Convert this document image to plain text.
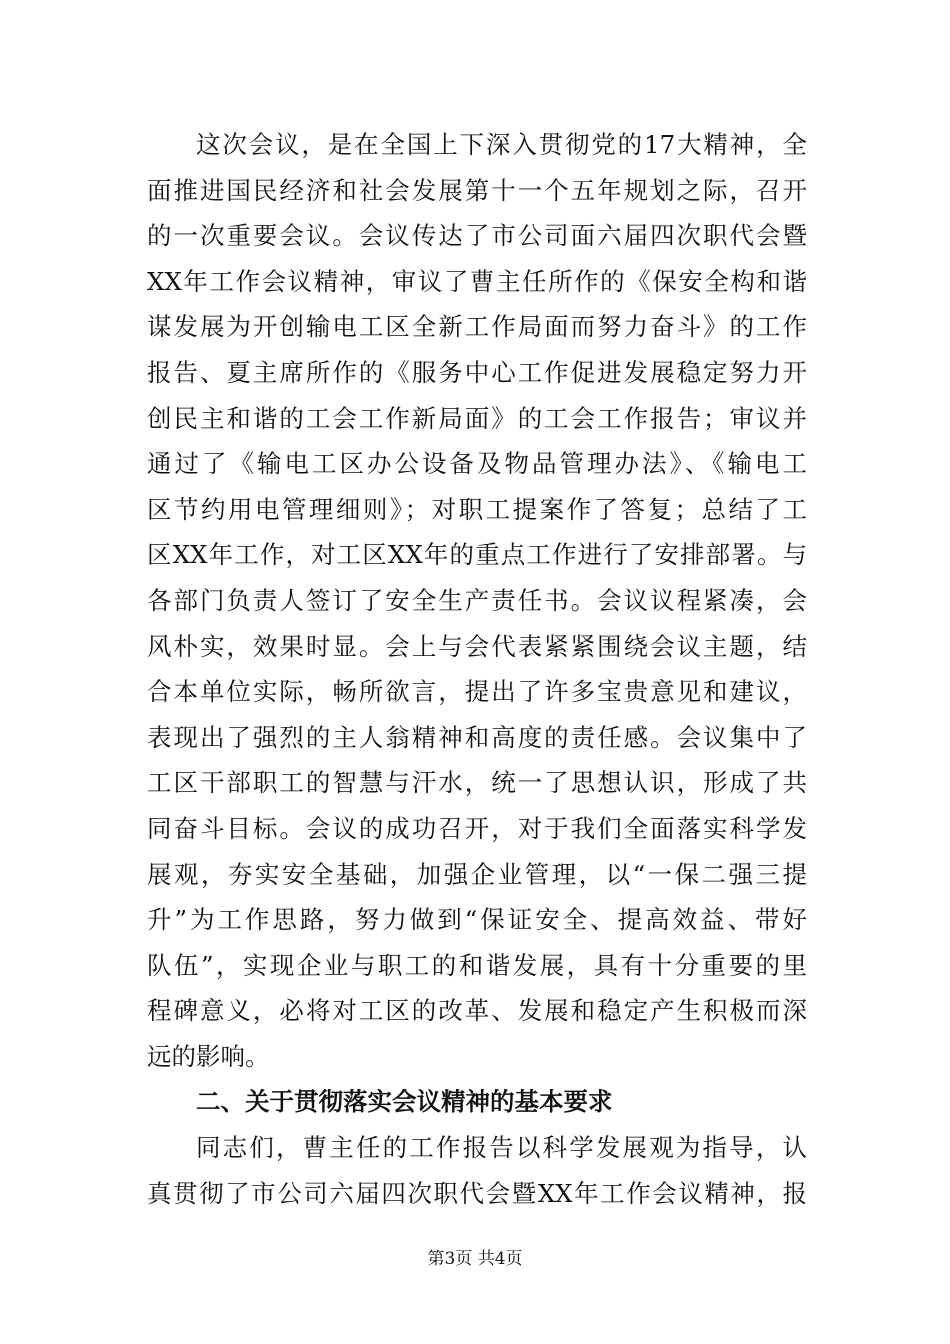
这次会议，是在全国上下深入贯彻党的17大精神，全
面推进国民经济和社会发展第十一个五年规划之际，召开
的一次重要会议。会议传达了市公司面六届四次职代会暨
XX年工作会议精神，审议了曹主任所作的《保安全构和谐
谋发展为开创输电工区全新工作局面而努力奋斗》的工作
报告、夏主席所作的《服务中心工作促进发展稳定努力开
创民主和谐的工会工作新局面》的工会工作报告；审议并
通过了《输电工区办公设备及物品管理办法》、《输电工
区节约用电管理细则》；对职工提案作了答复；总结了工
区XX年工作，对工区XX年的重点工作进行了安排部署。与
各部门负责人签订了安全生产责任书。会议议程紧凑，会
风朴实，效果时显。会上与会代表紧紧围绕会议主题，结
合本单位实际，畅所欲言，提出了许多宝贵意见和建议，
表现出了强烈的主人翁精神和高度的责任感。会议集中了
工区干部职工的智慧与汗水，统一了思想认识，形成了共
同奋斗目标。会议的成功召开，对于我们全面落实科学发
展观，夯实安全基础，加强企业管理，以“一保二强三提
升”为工作思路，努力做到“保证安全、提高效益、带好
队伍”，实现企业与职工的和谐发展，具有十分重要的里
程碑意义，必将对工区的改革、发展和稳定产生积极而深
远的影响。
二、关于贯彻落实会议精神的基本要求
同志们，曹主任的工作报告以科学发展观为指导，认
真贯彻了市公司六届四次职代会暨XX年工作会议精神，报
第3页 共4页
